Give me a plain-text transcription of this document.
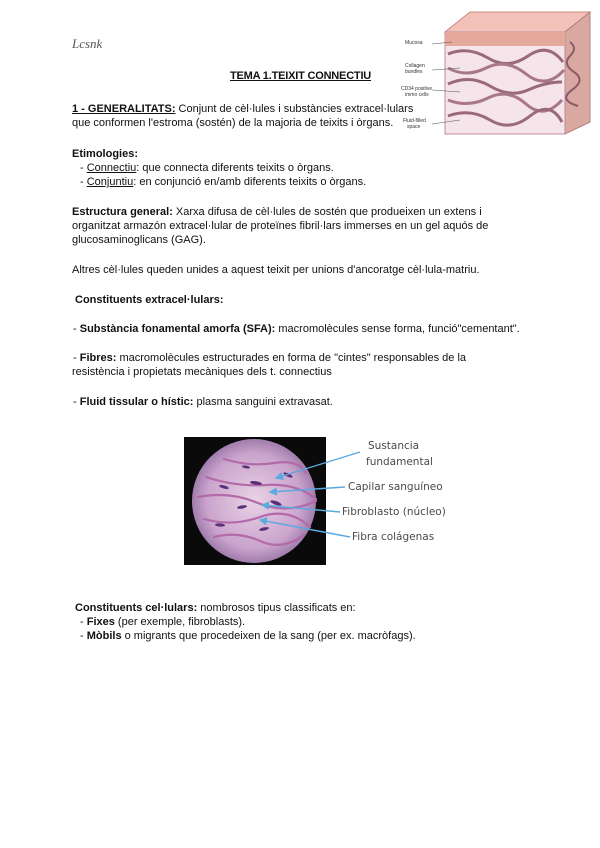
Lcsnk	Mucosa
Collagen
bundles
CD34 positive
immo cells
Fluid-filled
space
TEMA 1.TEIXIT CONNECTIU
1 - GENERALITATS: Conjunt de cèl·lules i substàncies extracel·lulars
que conformen l'estroma (sostén) de la majoria de teixits i òrgans.
Etimologies:
- Connectiu: que connecta diferents teixits o òrgans.
- Conjuntiu: en conjunció en/amb diferents teixits o òrgans.
Estructura general: Xarxa difusa de cèl·lules de sostén que produeixen un extens i
organitzat armazón extracel·lular de proteïnes fibril·lars immerses en un gel aquós de
glucosaminoglicans (GAG).
Altres cèl·lules queden unides a aquest teixit per unions d'ancoratge cèl·lula-matriu.
Constituents extracel·lulars:
- Substància fonamental amorfa (SFA): macromolècules sense forma, funció"cementant".
- Fibres: macromolècules estructurades en forma de "cintes" responsables de la
resistència i propietats mecàniques dels t. connectius
- Fluid tissular o hístic: plasma sanguini extravasat.
Sustancia
fundamental
Capilar sanguíneo
Fibroblasto (núcleo)
Fibra colágenas
Constituents cel·lulars: nombrosos tipus classificats en:
- Fixes (per exemple, fibroblasts).
- Mòbils o migrants que procedeixen de la sang (per ex. macròfags).
